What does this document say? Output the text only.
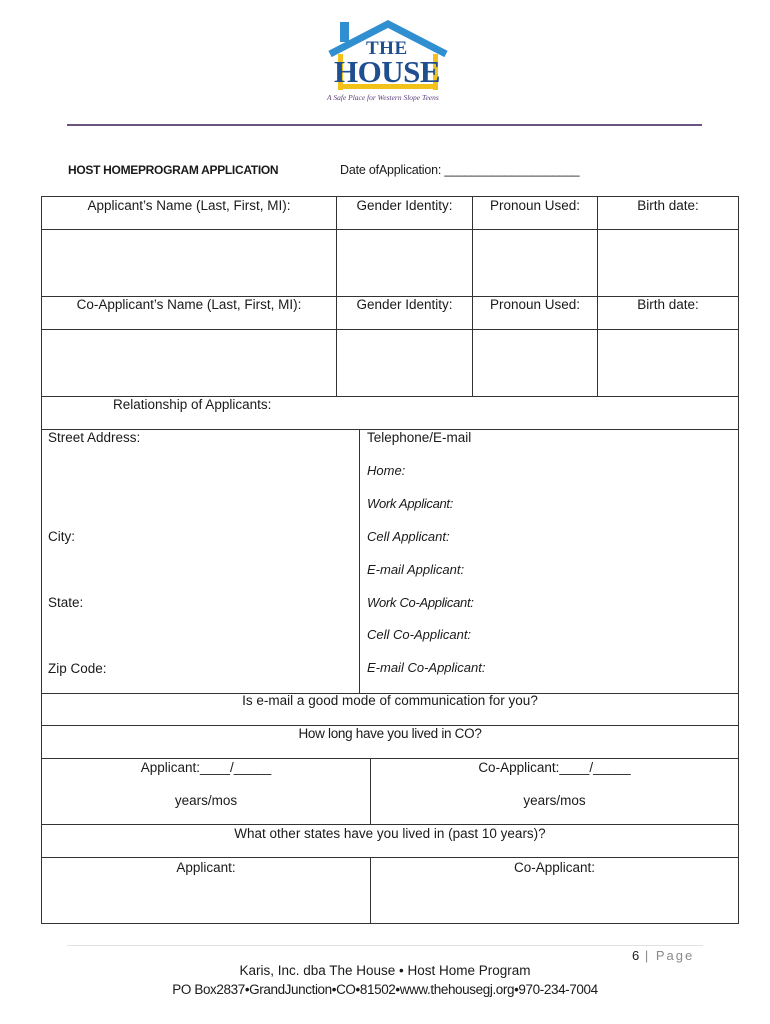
THE
HOUSE
A Safe Place for Western Slope Teens
HOST HOMEPROGRAM APPLICATION	Date ofApplication: ____________________
Applicant’s Name (Last, First, MI):	Gender Identity:	Pronoun Used:	Birth date:
Co-Applicant’s Name (Last, First, MI):	Gender Identity:	Pronoun Used:	Birth date:
Relationship of Applicants:
Street Address:
City:
State:
Zip Code:
Telephone/E-mail
Home:
Work Applicant:
Cell Applicant:
E-mail Applicant:
Work Co-Applicant:
Cell Co-Applicant:
E-mail Co-Applicant:
Is e-mail a good mode of communication for you?
How long have you lived in CO?
Applicant:____/_____
years/mos
Co-Applicant:____/_____
years/mos
What other states have you lived in (past 10 years)?
Applicant:	Co-Applicant:
6 | Page
Karis, Inc. dba The House • Host Home Program
PO Box2837•GrandJunction•CO•81502•www.thehousegj.org•970-234-7004
